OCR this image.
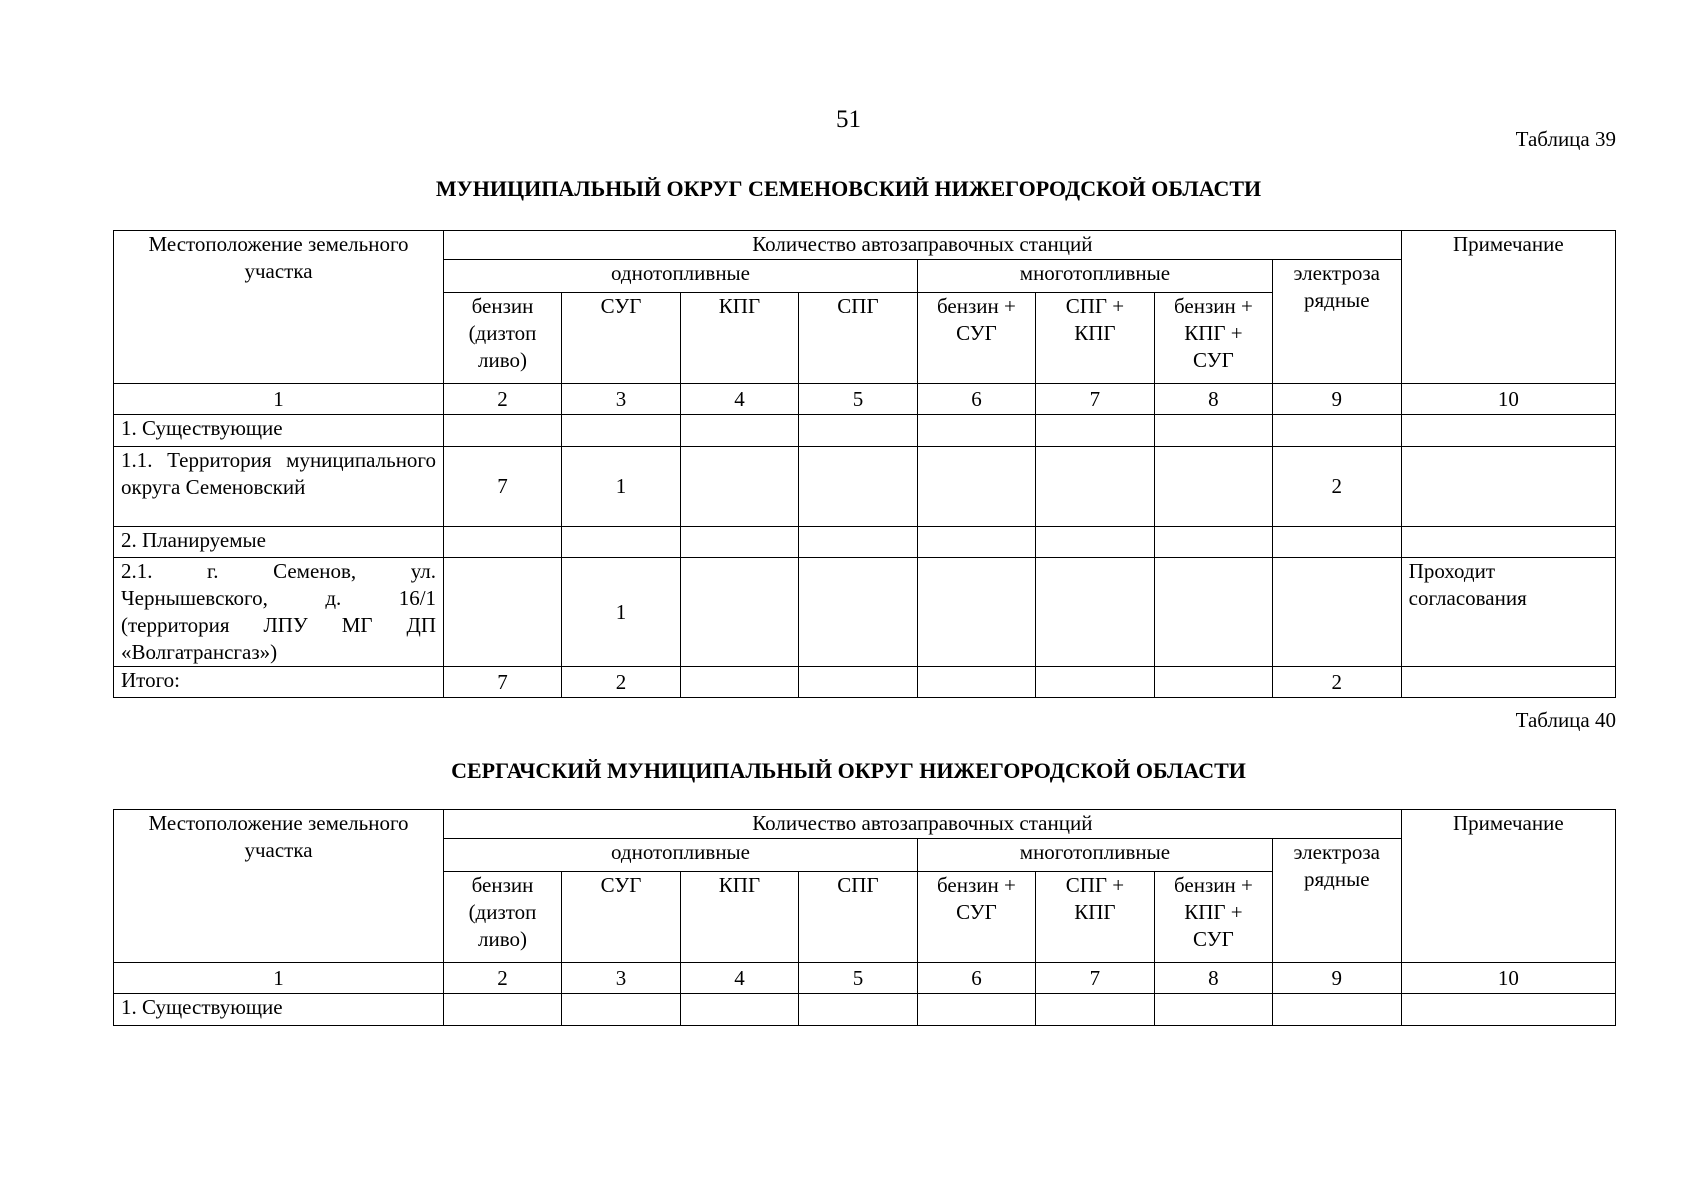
51
Таблица 39
МУНИЦИПАЛЬНЫЙ ОКРУГ СЕМЕНОВСКИЙ НИЖЕГОРОДСКОЙ ОБЛАСТИ
Местоположение земельного участка	Количество автозаправочных станций								Примечание
	однотопливные				многотопливные			электроза рядные	
	бензин (дизтоп ливо)	СУГ	КПГ	СПГ	бензин + СУГ	СПГ + КПГ	бензин + КПГ + СУГ		
1	2	3	4	5	6	7	8	9	10
1. Существующие									
1.1. Территория муниципального округа Семеновский	7	1						2	
2. Планируемые									
2.1. г. Семенов, ул. Чернышевского, д. 16/1 (территория ЛПУ МГ ДП «Волгатрансгаз»)		1							Проходит согласования
Итого:	7	2						2	
Таблица 40
СЕРГАЧСКИЙ МУНИЦИПАЛЬНЫЙ ОКРУГ НИЖЕГОРОДСКОЙ ОБЛАСТИ
Местоположение земельного участка	Количество автозаправочных станций								Примечание
	однотопливные				многотопливные			электроза рядные	
	бензин (дизтоп ливо)	СУГ	КПГ	СПГ	бензин + СУГ	СПГ + КПГ	бензин + КПГ + СУГ		
1	2	3	4	5	6	7	8	9	10
1. Существующие									
